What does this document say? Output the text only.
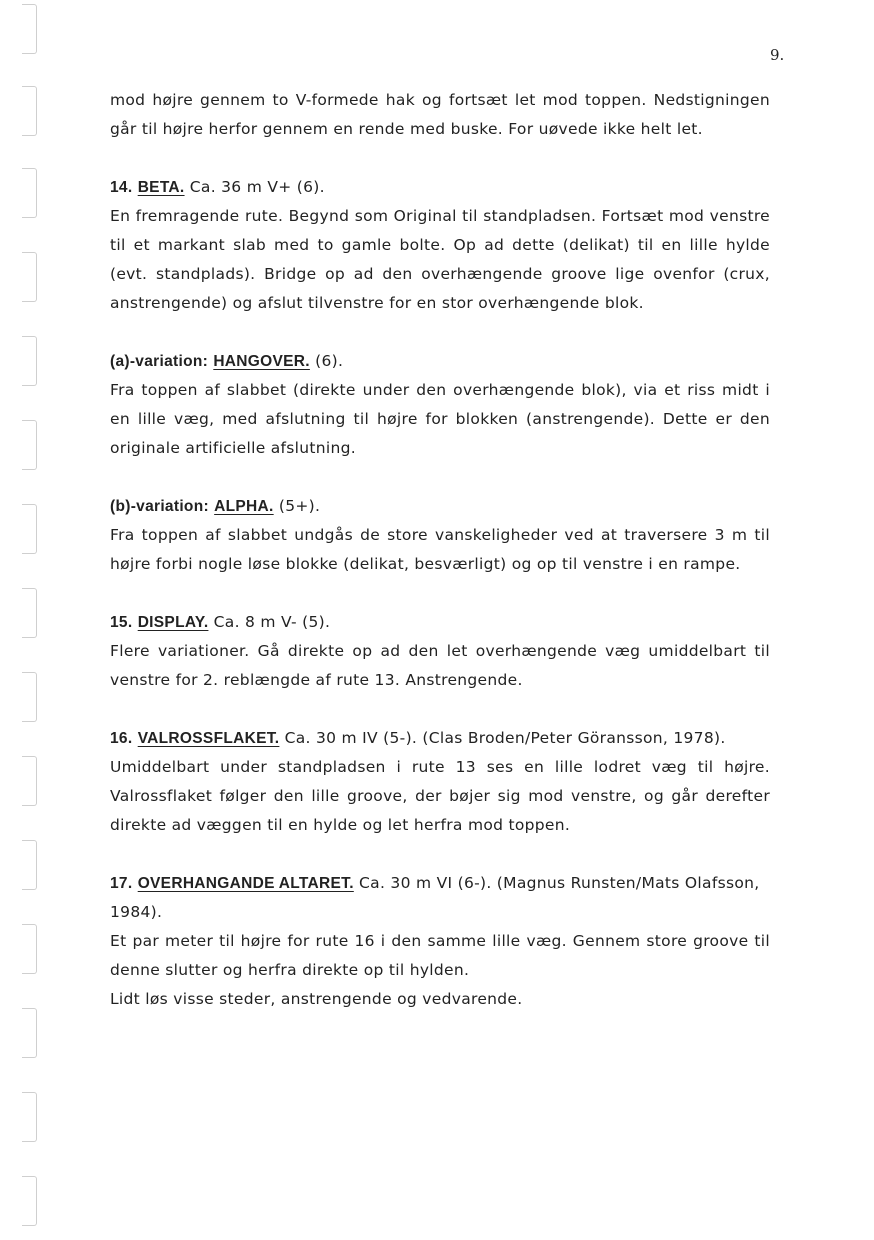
9.

mod højre gennem to V-formede hak og fortsæt let mod toppen. Nedstigningen går til højre herfor gennem en rende med buske. For uøvede ikke helt let.

14. BETA. Ca. 36 m V+ (6).

En fremragende rute. Begynd som Original til standpladsen. Fortsæt mod venstre til et markant slab med to gamle bolte. Op ad dette (delikat) til en lille hylde (evt. standplads). Bridge op ad den overhængende groove lige ovenfor (crux, anstrengende) og afslut tilvenstre for en stor overhængende blok.

(a)-variation: HANGOVER. (6).

Fra toppen af slabbet (direkte under den overhængende blok), via et riss midt i en lille væg, med afslutning til højre for blokken (anstrengende). Dette er den originale artificielle afslutning.

(b)-variation: ALPHA. (5+).

Fra toppen af slabbet undgås de store vanskeligheder ved at traversere 3 m til højre forbi nogle løse blokke (delikat, besværligt) og op til venstre i en rampe.

15. DISPLAY. Ca. 8 m V- (5).

Flere variationer. Gå direkte op ad den let overhængende væg umiddelbart til venstre for 2. reblængde af rute 13. Anstrengende.

16. VALROSSFLAKET. Ca. 30 m IV (5-). (Clas Broden/Peter Göransson, 1978).

Umiddelbart under standpladsen i rute 13 ses en lille lodret væg til højre. Valrossflaket følger den lille groove, der bøjer sig mod venstre, og går derefter direkte ad væggen til en hylde og let herfra mod toppen.

17. OVERHANGANDE ALTARET. Ca. 30 m VI (6-). (Magnus Runsten/Mats Olafsson, 1984).

Et par meter til højre for rute 16 i den samme lille væg. Gennem store groove til denne slutter og herfra direkte op til hylden.

Lidt løs visse steder, anstrengende og vedvarende.
